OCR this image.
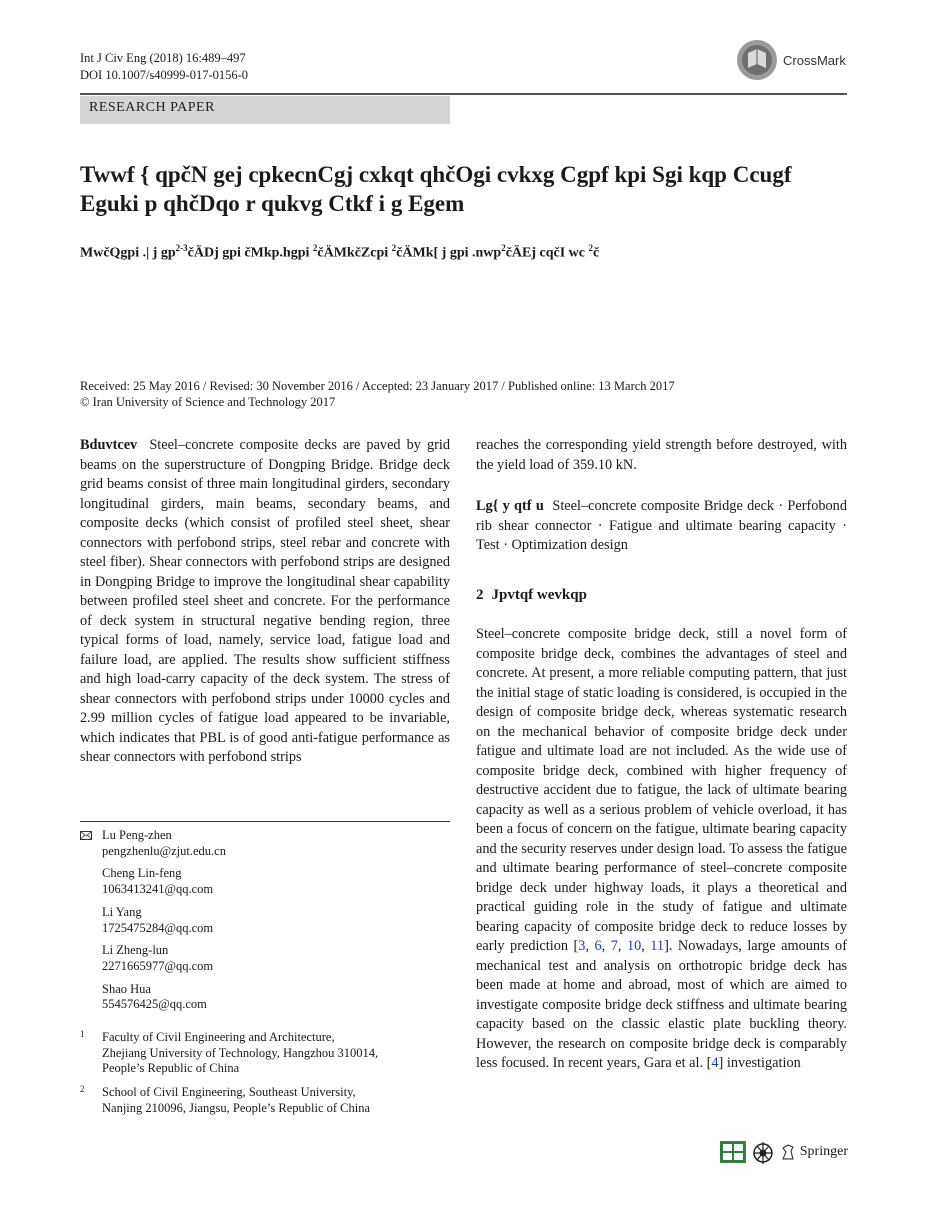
Int J Civ Eng (2018) 16:489–497
DOI 10.1007/s40999-017-0156-0
CrossMark
RESEARCH PAPER
Twwf { qpčN gej cpkecnCgj cxkqt qhčOgi cvkxg Cgpf kpi Sgi kqp Ccugf Eguki p qhčDqo r qukvg Ctkf i g Egem
MwčQgpi .| j $gp^{2-3}čÄDj$ gpi čMkp.hgpi $^2$čÄMkčZcpi $^2$čÄMk[ j gpi .nwp$^2$čÄEj cqčI wc $^2$č
Received: 25 May 2016 / Revised: 30 November 2016 / Accepted: 23 January 2017 / Published online: 13 March 2017
© Iran University of Science and Technology 2017
Bduvtcev Steel–concrete composite decks are paved by grid beams on the superstructure of Dongping Bridge. Bridge deck grid beams consist of three main longitudinal girders, secondary longitudinal girders, main beams, secondary beams, and composite decks (which consist of profiled steel sheet, shear connectors with perfobond strips, steel rebar and concrete with steel fiber). Shear connectors with perfobond strips are designed in Dongping Bridge to improve the longitudinal shear capability between profiled steel sheet and concrete. For the performance of deck system in structural negative bending region, three typical forms of load, namely, service load, fatigue load and failure load, are applied. The results show sufficient stiffness and high load-carry capacity of the deck system. The stress of shear connectors with perfobond strips under 10000 cycles and 2.99 million cycles of fatigue load appeared to be invariable, which indicates that PBL is of good anti-fatigue performance as shear connectors with perfobond strips
reaches the corresponding yield strength before destroyed, with the yield load of 359.10 kN.
Lg{ y qtf u Steel–concrete composite Bridge deck · Perfobond rib shear connector · Fatigue and ultimate bearing capacity · Test · Optimization design
2 Jpvtqf wevkqp
Steel–concrete composite bridge deck, still a novel form of composite bridge deck, combines the advantages of steel and concrete. At present, a more reliable computing pattern, that just the initial stage of static loading is considered, is occupied in the design of composite bridge deck, whereas systematic research on the mechanical behavior of composite bridge deck under fatigue and ultimate load are not included. As the wide use of composite bridge deck, combined with higher frequency of destructive accident due to fatigue, the lack of ultimate bearing capacity as well as a serious problem of vehicle overload, it has been a focus of concern on the fatigue, ultimate bearing capacity and the security reserves under design load. To assess the fatigue and ultimate bearing performance of steel–concrete composite bridge deck under highway loads, it plays a theoretical and practical guiding role in the study of fatigue and ultimate bearing capacity of composite bridge deck to reduce losses by early prediction [3, 6, 7, 10, 11]. Nowadays, large amounts of mechanical test and analysis on orthotropic bridge deck has been made at home and abroad, most of which are aimed to investigate composite bridge deck stiffness and ultimate bearing capacity based on the classic elastic plate buckling theory. However, the research on composite bridge deck is comparably less focused. In recent years, Gara et al. [4] investigation
Lu Peng-zhen
pengzhenlu@zjut.edu.cn
Cheng Lin-feng
1063413241@qq.com
Li Yang
1725475284@qq.com
Li Zheng-lun
2271665977@qq.com
Shao Hua
554576425@qq.com
1 Faculty of Civil Engineering and Architecture,
Zhejiang University of Technology, Hangzhou 310014,
People’s Republic of China
2 School of Civil Engineering, Southeast University,
Nanjing 210096, Jiangsu, People’s Republic of China
Springer
